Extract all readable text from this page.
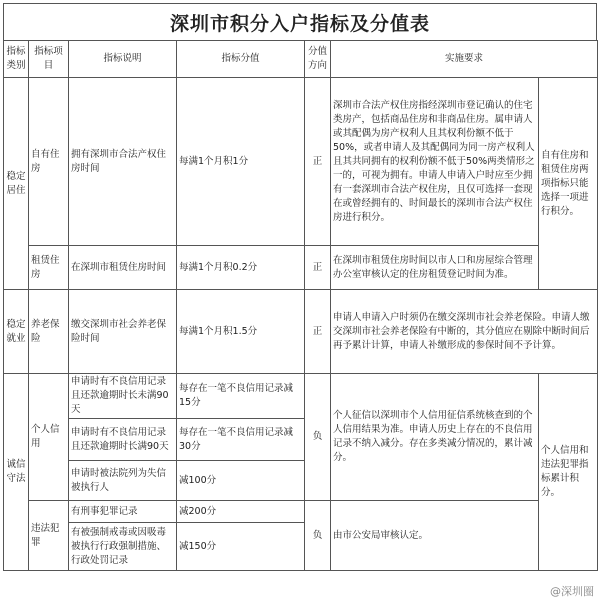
深圳市积分入户指标及分值表
指标类别	指标项目	指标说明	指标分值	分值方向	实施要求	
稳定居住	自有住房	拥有深圳市合法产权住房时间	每满1个月积1分	正	深圳市合法产权住房指经深圳市登记确认的住宅类房产，包括商品住房和非商品住房。属申请人或其配偶为房产权利人且其权利份额不低于50%，或者申请人及其配偶同为同一房产权利人且其共同拥有的权利份额不低于50%两类情形之一的，可视为拥有。申请人申请入户时应至少拥有一套深圳市合法产权住房，且仅可选择一套现在或曾经拥有的、时间最长的深圳市合法产权住房进行积分。	自有住房和租赁住房两项指标只能选择一项进行积分。
	租赁住房	在深圳市租赁住房时间	每满1个月积0.2分	正	在深圳市租赁住房时间以市人口和房屋综合管理办公室审核认定的住房租赁登记时间为准。	
稳定就业	养老保险	缴交深圳市社会养老保险时间	每满1个月积1.5分	正	申请人申请入户时须仍在缴交深圳市社会养老保险。申请人缴交深圳市社会养老保险有中断的，其分值应在剔除中断时间后再予累计计算，申请人补缴形成的参保时间不予计算。	
诚信守法	个人信用	申请时有不良信用记录且还款逾期时长未满90天	每存在一笔不良信用记录减15分	负	个人征信以深圳市个人信用征信系统核查到的个人信用结果为准。申请人历史上存在的不良信用记录不纳入减分。存在多类减分情况的，累计减分。	个人信用和违法犯罪指标累计积分。
		申请时有不良信用记录且还款逾期时长满90天	每存在一笔不良信用记录减30分			
		申请时被法院列为失信被执行人	减100分			
	违法犯罪	有刑事犯罪记录	减200分	负	由市公安局审核认定。	
		有被强制戒毒或因吸毒被执行行政强制措施、行政处罚记录	减150分			
@深圳圈
